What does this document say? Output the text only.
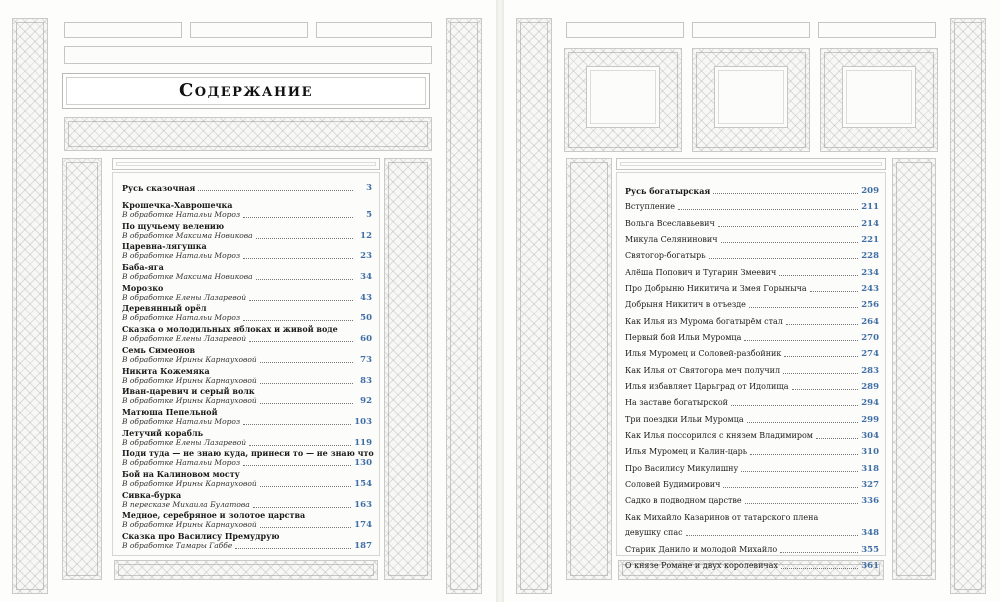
Содержание
Русь сказочная	3
Крошечка-Хаврошечка
В обработке Натальи Мороз	5
По щучьему велению
В обработке Максима Новикова	12
Царевна-лягушка
В обработке Натальи Мороз	23
Баба-яга
В обработке Максима Новикова	34
Морозко
В обработке Елены Лазаревой	43
Деревянный орёл
В обработке Натальи Мороз	50
Сказка о молодильных яблоках и живой воде
В обработке Елены Лазаревой	60
Семь Симеонов
В обработке Ирины Карнауховой	73
Никита Кожемяка
В обработке Ирины Карнауховой	83
Иван-царевич и серый волк
В обработке Ирины Карнауховой	92
Матюша Пепельной
В обработке Натальи Мороз	103
Летучий корабль
В обработке Елены Лазаревой	119
Поди туда — не знаю куда, принеси то — не знаю что
В обработке Натальи Мороз	130
Бой на Калиновом мосту
В обработке Ирины Карнауховой	154
Сивка-бурка
В пересказе Михаила Булатова	163
Медное, серебряное и золотое царства
В обработке Ирины Карнауховой	174
Сказка про Василису Премудрую
В обработке Тамары Габбе	187
Русь богатырская	209
Вступление	211
Вольга Всеславьевич	214
Микула Селянинович	221
Святогор-богатырь	228
Алёша Попович и Тугарин Змеевич	234
Про Добрыню Никитича и Змея Горыныча	243
Добрыня Никитич в отъезде	256
Как Илья из Мурома богатырём стал	264
Первый бой Ильи Муромца	270
Илья Муромец и Соловей-разбойник	274
Как Илья от Святогора меч получил	283
Илья избавляет Царьград от Идолища	289
На заставе богатырской	294
Три поездки Ильи Муромца	299
Как Илья поссорился с князем Владимиром	304
Илья Муромец и Калин-царь	310
Про Василису Микулишну	318
Соловей Будимирович	327
Садко в подводном царстве	336
Как Михайло Казаринов от татарского плена
девушку спас	348
Старик Данило и молодой Михайло	355
О князе Романе и двух королевичах	361
